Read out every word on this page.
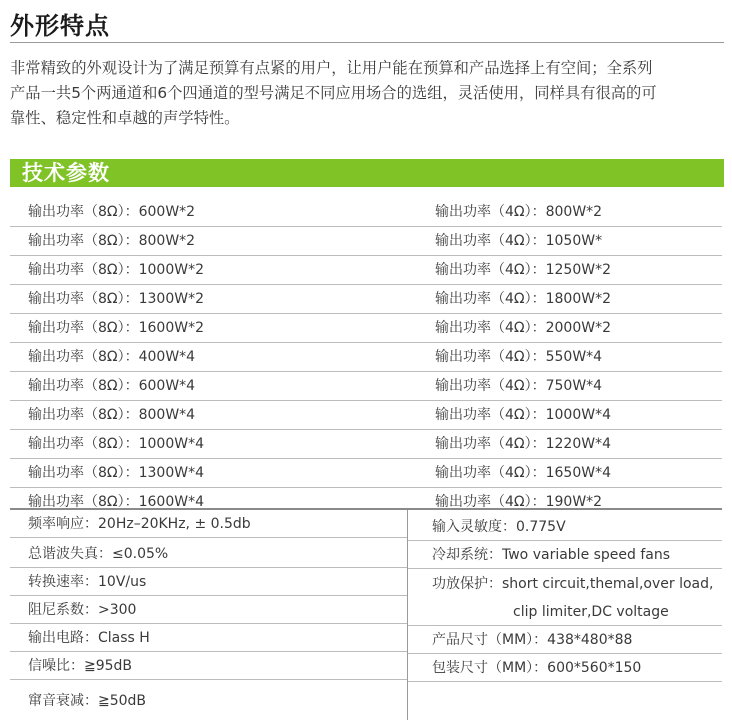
外形特点
非常精致的外观设计为了满足预算有点紧的用户，让用户能在预算和产品选择上有空间；全系列
产品一共5个两通道和6个四通道的型号满足不同应用场合的选组，灵活使用，同样具有很高的可
靠性、稳定性和卓越的声学特性。
技术参数
输出功率（8Ω）：600W*2	输出功率（4Ω）：800W*2
输出功率（8Ω）：800W*2	输出功率（4Ω）：1050W*
输出功率（8Ω）：1000W*2	输出功率（4Ω）：1250W*2
输出功率（8Ω）：1300W*2	输出功率（4Ω）：1800W*2
输出功率（8Ω）：1600W*2	输出功率（4Ω）：2000W*2
输出功率（8Ω）：400W*4	输出功率（4Ω）：550W*4
输出功率（8Ω）：600W*4	输出功率（4Ω）：750W*4
输出功率（8Ω）：800W*4	输出功率（4Ω）：1000W*4
输出功率（8Ω）：1000W*4	输出功率（4Ω）：1220W*4
输出功率（8Ω）：1300W*4	输出功率（4Ω）：1650W*4
输出功率（8Ω）：1600W*4	输出功率（4Ω）：190W*2
频率响应：20Hz–20KHz, ± 0.5db
总谐波失真：≤0.05%
转换速率：10V/us
阻尼系数：>300
输出电路：Class H
信噪比：≧95dB
窜音衰减：≧50dB
输入灵敏度：0.775V
冷却系统：Two variable speed fans
功放保护：short circuit,themal,over load,
clip limiter,DC voltage
产品尺寸（MM）：438*480*88
包装尺寸（MM）：600*560*150
